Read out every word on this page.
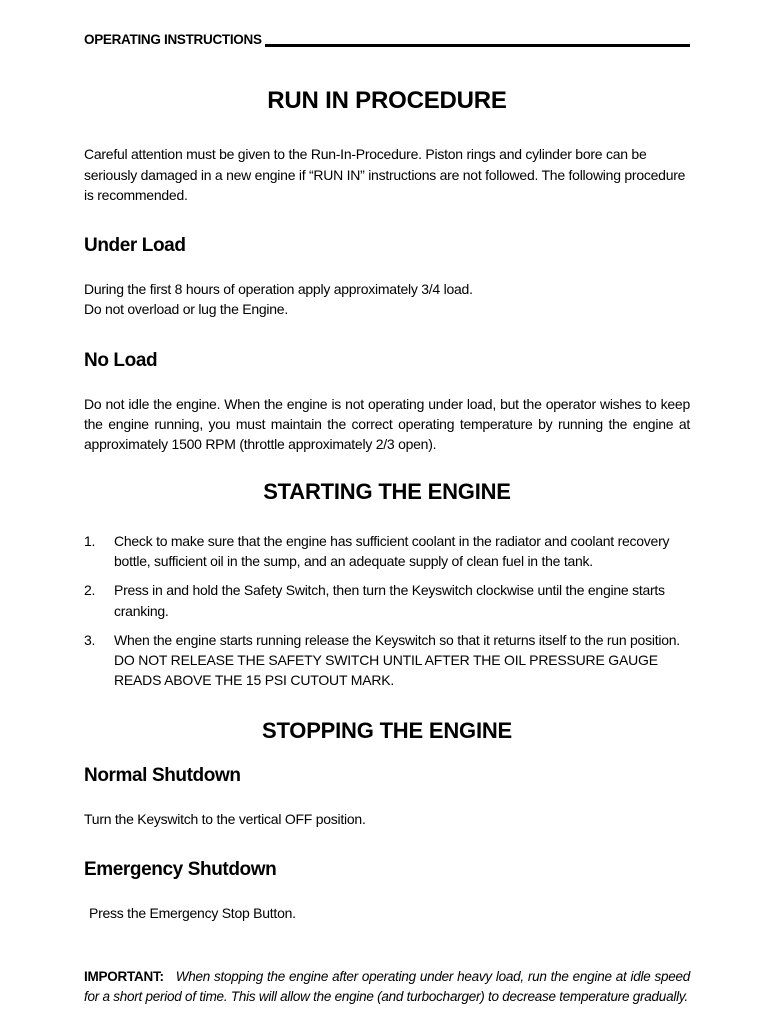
OPERATING INSTRUCTIONS
RUN IN PROCEDURE

Careful attention must be given to the Run-In-Procedure. Piston rings and cylinder bore can be seriously damaged in a new engine if “RUN IN” instructions are not followed. The following procedure is recommended.

Under Load

During the first 8 hours of operation apply approximately 3/4 load.

Do not overload or lug the Engine.

No Load

Do not idle the engine. When the engine is not operating under load, but the operator wishes to keep the engine running, you must maintain the correct operating temperature by running the engine at approximately 1500 RPM (throttle approximately 2/3 open).

STARTING THE ENGINE
1. Check to make sure that the engine has sufficient coolant in the radiator and coolant recovery bottle, sufficient oil in the sump, and an adequate supply of clean fuel in the tank.
2. Press in and hold the Safety Switch, then turn the Keyswitch clockwise until the engine starts cranking.
3. When the engine starts running release the Keyswitch so that it returns itself to the run position.   DO NOT RELEASE THE SAFETY SWITCH UNTIL AFTER THE OIL PRESSURE GAUGE READS ABOVE THE 15 PSI CUTOUT MARK.
STOPPING THE ENGINE
Normal Shutdown

Turn the Keyswitch to the vertical OFF position.

Emergency Shutdown

Press the Emergency Stop Button.

IMPORTANT: When stopping the engine after operating under heavy load, run the engine at idle speed for a short period of time. This will allow the engine (and turbocharger) to decrease temperature gradually.
